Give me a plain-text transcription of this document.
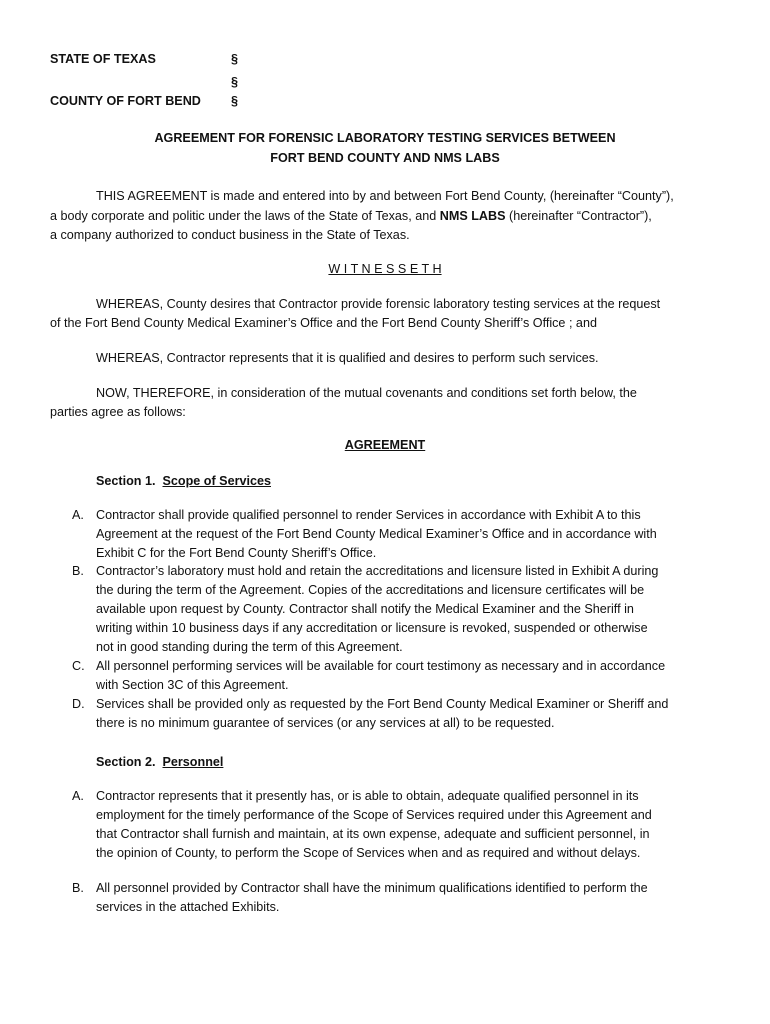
STATE OF TEXAS	§
§
COUNTY OF FORT BEND §
AGREEMENT FOR FORENSIC LABORATORY TESTING SERVICES BETWEEN
FORT BEND COUNTY AND NMS LABS
THIS AGREEMENT is made and entered into by and between Fort Bend County, (hereinafter “County”),
a body corporate and politic under the laws of the State of Texas, and NMS LABS (hereinafter “Contractor”),
a company authorized to conduct business in the State of Texas.
W I T N E S S E T H
WHEREAS, County desires that Contractor provide forensic laboratory testing services at the request
of the Fort Bend County Medical Examiner’s Office and the Fort Bend County Sheriff’s Office ; and
WHEREAS, Contractor represents that it is qualified and desires to perform such services.
NOW, THEREFORE, in consideration of the mutual covenants and conditions set forth below, the
parties agree as follows:
AGREEMENT
Section 1. Scope of Services
A. Contractor shall provide qualified personnel to render Services in accordance with Exhibit A to this
Agreement at the request of the Fort Bend County Medical Examiner’s Office and in accordance with
Exhibit C for the Fort Bend County Sheriff’s Office.
B. Contractor’s laboratory must hold and retain the accreditations and licensure listed in Exhibit A during
the during the term of the Agreement. Copies of the accreditations and licensure certificates will be
available upon request by County. Contractor shall notify the Medical Examiner and the Sheriff in
writing within 10 business days if any accreditation or licensure is revoked, suspended or otherwise
not in good standing during the term of this Agreement.
C. All personnel performing services will be available for court testimony as necessary and in accordance
with Section 3C of this Agreement.
D. Services shall be provided only as requested by the Fort Bend County Medical Examiner or Sheriff and
there is no minimum guarantee of services (or any services at all) to be requested.
Section 2. Personnel
A. Contractor represents that it presently has, or is able to obtain, adequate qualified personnel in its
employment for the timely performance of the Scope of Services required under this Agreement and
that Contractor shall furnish and maintain, at its own expense, adequate and sufficient personnel, in
the opinion of County, to perform the Scope of Services when and as required and without delays.
B. All personnel provided by Contractor shall have the minimum qualifications identified to perform the
services in the attached Exhibits.
